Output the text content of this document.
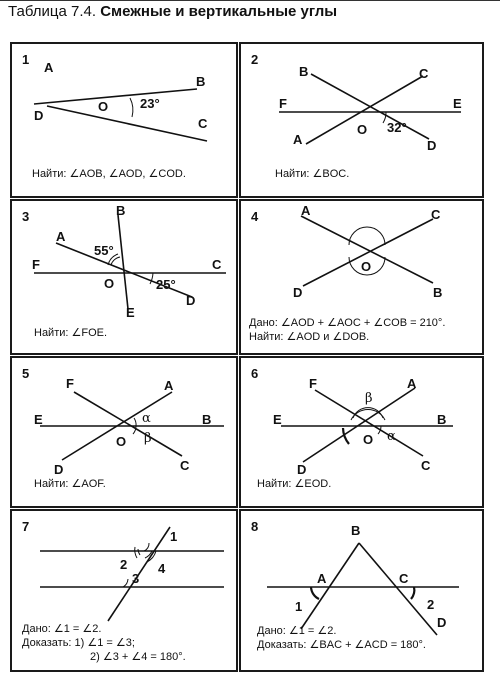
Таблица 7.4. Смежные и вертикальные углы
1
A
B
C
D
O 23°
Найти: ∠AOB, ∠AOD, ∠COD.
2
B	C
F	E
A	D
O 32°
Найти: ∠BOC.
3	B
A
F	C
O
E
D
55°
25°
Найти: ∠FOE.
4	A	C
D	B
O
Дано: ∠AOD + ∠AOC + ∠COB = 210°.
Найти: ∠AOD и ∠DOB.
5
F	A
E	B
D	C
O
α
β
Найти: ∠AOF.
6
F	A
E	B
D	C
O
β
α
Найти: ∠EOD.
7
1
2 4
3
Дано: ∠1 = ∠2.
Доказать: 1) ∠1 = ∠3;
2) ∠3 + ∠4 = 180°.
8	B
A	C
1	2
D
Дано: ∠1 = ∠2.
Доказать: ∠BAC + ∠ACD = 180°.
